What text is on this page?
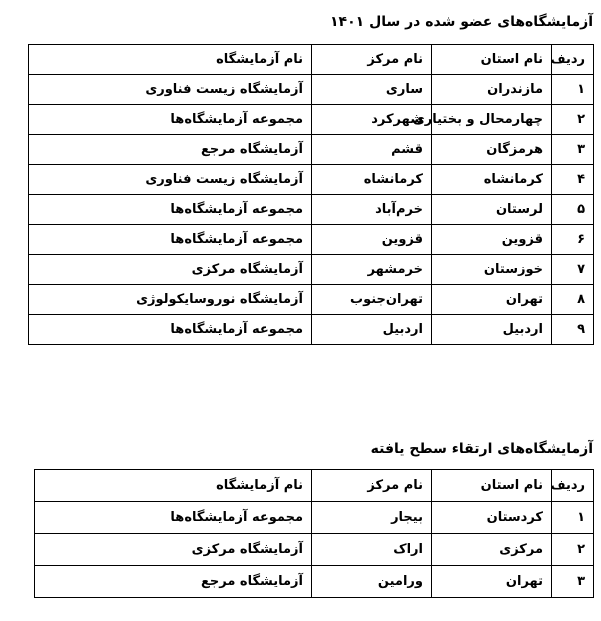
آزمایشگاه‌های عضو شده در سال ۱۴۰۱
ردیف	نام استان	نام مرکز	نام آزمایشگاه
۱	مازندران	ساری	آزمایشگاه زیست فناوری
۲	چهارمحال و بختیاری	شهرکرد	مجموعه آزمایشگاه‌ها
۳	هرمزگان	قشم	آزمایشگاه مرجع
۴	کرمانشاه	کرمانشاه	آزمایشگاه زیست فناوری
۵	لرستان	خرم‌آباد	مجموعه آزمایشگاه‌ها
۶	قزوین	قزوین	مجموعه آزمایشگاه‌ها
۷	خوزستان	خرمشهر	آزمایشگاه مرکزی
۸	تهران	تهران‌جنوب	آزمایشگاه نوروسایکولوژی
۹	اردبیل	اردبیل	مجموعه آزمایشگاه‌ها
آزمایشگاه‌های ارتقاء سطح یافته
ردیف	نام استان	نام مرکز	نام آزمایشگاه
۱	کردستان	بیجار	مجموعه آزمایشگاه‌ها
۲	مرکزی	اراک	آزمایشگاه مرکزی
۳	تهران	ورامین	آزمایشگاه مرجع
